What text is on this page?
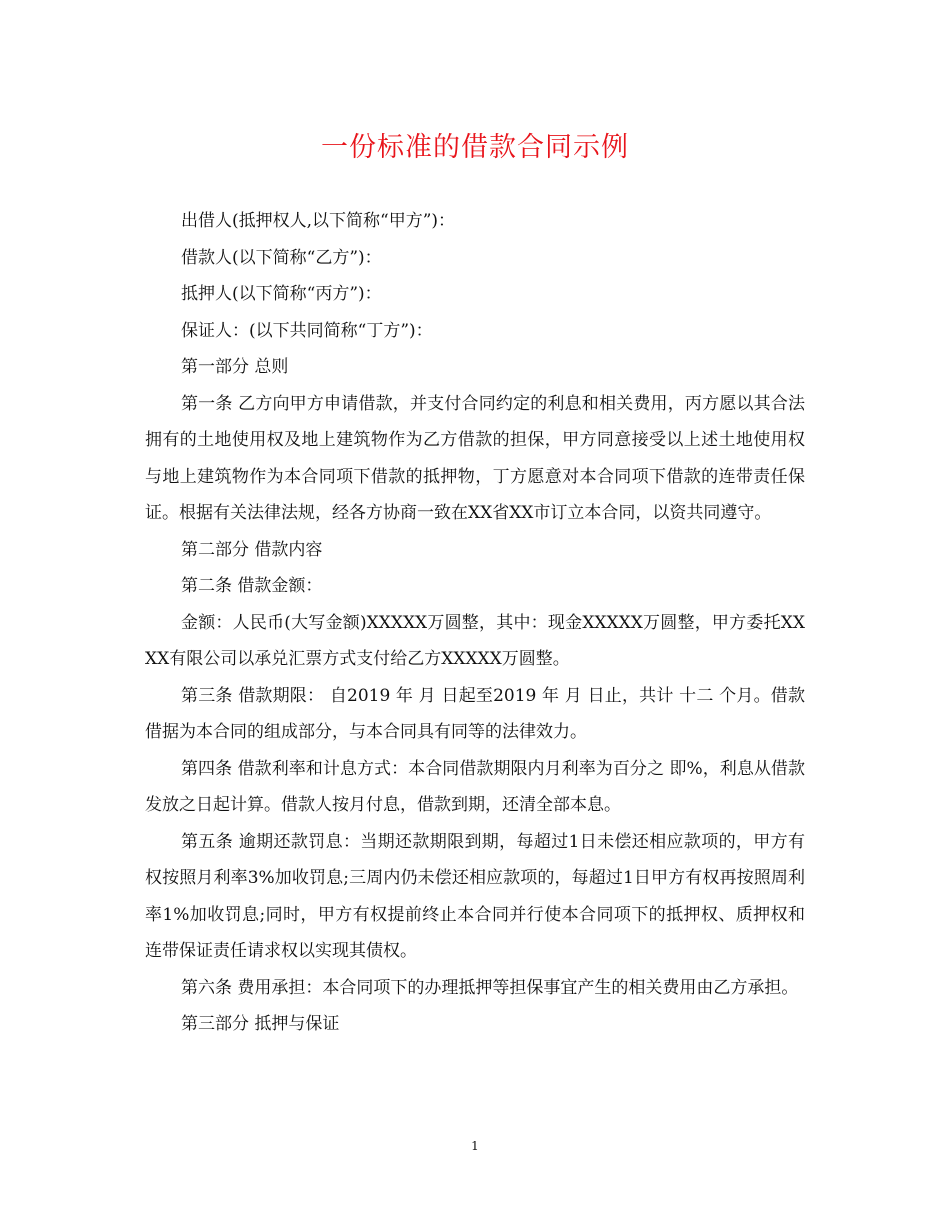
一份标准的借款合同示例

出借人(抵押权人,以下简称“甲方”)：

借款人(以下简称“乙方”)：

抵押人(以下简称“丙方”)：

保证人：(以下共同简称“丁方”)：

第一部分 总则

第一条 乙方向甲方申请借款，并支付合同约定的利息和相关费用，丙方愿以其合法拥有的土地使用权及地上建筑物作为乙方借款的担保，甲方同意接受以上述土地使用权与地上建筑物作为本合同项下借款的抵押物，丁方愿意对本合同项下借款的连带责任保证。根据有关法律法规，经各方协商一致在XX省XX市订立本合同，以资共同遵守。

第二部分 借款内容

第二条 借款金额：

金额：人民币(大写金额)XXXXX万圆整，其中：现金XXXXX万圆整，甲方委托XXXX有限公司以承兑汇票方式支付给乙方XXXXX万圆整。

第三条 借款期限： 自2019 年 月 日起至2019 年 月 日止，共计 十二 个月。借款借据为本合同的组成部分，与本合同具有同等的法律效力。

第四条 借款利率和计息方式：本合同借款期限内月利率为百分之 即%，利息从借款发放之日起计算。借款人按月付息，借款到期，还清全部本息。

第五条 逾期还款罚息：当期还款期限到期，每超过1日未偿还相应款项的，甲方有权按照月利率3%加收罚息;三周内仍未偿还相应款项的，每超过1日甲方有权再按照周利率1%加收罚息;同时，甲方有权提前终止本合同并行使本合同项下的抵押权、质押权和连带保证责任请求权以实现其债权。

第六条 费用承担：本合同项下的办理抵押等担保事宜产生的相关费用由乙方承担。

第三部分 抵押与保证

1
